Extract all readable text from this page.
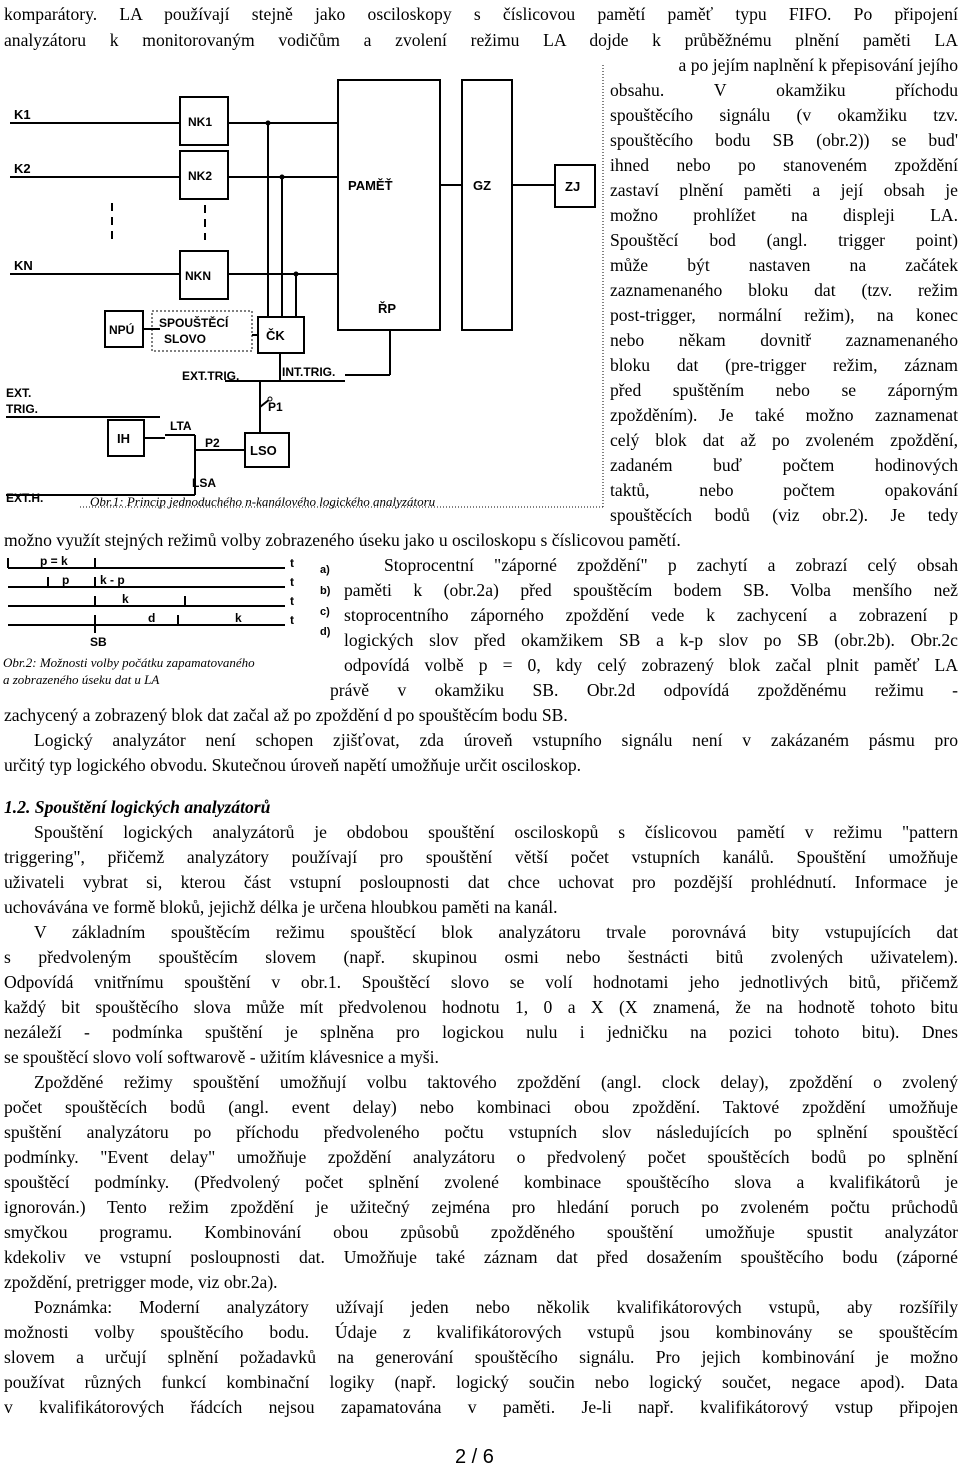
komparátory. LA používají stejně jako osciloskopy s číslicovou pamětí paměť typu FIFO. Po připojení
analyzátoru k monitorovaným vodičům a zvolení režimu LA dojde k průběžnému plnění paměti LA
a po jejím naplnění k přepisování jejího
obsahu. V okamžiku příchodu
spouštěcího signálu (v okamžiku tzv.
spouštěcího bodu SB (obr.2)) se bud'
ihned nebo po stanoveném zpoždění
zastaví plnění paměti a její obsah je
možno prohlížet na displeji LA.
Spouštěcí bod (angl. trigger point)
může být nastaven na začátek
zaznamenaného bloku dat (tzv. režim
post-trigger, normální režim), na konec
nebo někam dovnitř zaznamenaného
bloku dat (pre-trigger režim, záznam
před spuštěním nebo se záporným
zpožděním). Je také možno zaznamenat
celý blok dat až po zvoleném zpoždění,
zadaném buď počtem hodinových
taktů, nebo počtem opakování
spouštěcích bodů (viz obr.2). Je tedy
K1
K2
KN
NK1
NK2
NKN
PAMĚŤ	GZ	ZJ
ŘP
NPÚ SPOUŠTĚCÍ
SLOVO	ČK
EXT.TRIG.	INT.TRIG.
P1
EXT.
TRIG.
LSO
IH
LTA
P2
LSA
EXT.H.	Obr.1: Princip jednoduchého n-kanálového logického analyzátoru
možno využít stejných režimů volby zobrazeného úseku jako u osciloskopu s číslicovou pamětí.
p = k
p	k - p
k
d	k
t
t
t
t
SB
a)
b)
c)
d)
Obr.2: Možnosti volby počátku zapamatovaného
a zobrazeného úseku dat u LA
Stoprocentní "záporné zpoždění" p zachytí a zobrazí celý obsah
paměti k (obr.2a) před spouštěcím bodem SB. Volba menšího než
stoprocentního záporného zpoždění vede k zachycení a zobrazení p
logických slov před okamžikem SB a k-p slov po SB (obr.2b). Obr.2c
odpovídá volbě p = 0, kdy celý zobrazený blok začal plnit paměť LA
právě v okamžiku SB. Obr.2d odpovídá zpožděnému režimu -
zachycený a zobrazený blok dat začal až po zpoždění d po spouštěcím bodu SB.
Logický analyzátor není schopen zjišťovat, zda úroveň vstupního signálu není v zakázaném pásmu pro
určitý typ logického obvodu. Skutečnou úroveň napětí umožňuje určit osciloskop.
1.2. Spouštění logických analyzátorů
Spouštění logických analyzátorů je obdobou spouštění osciloskopů s číslicovou pamětí v režimu "pattern
triggering", přičemž analyzátory používají pro spouštění větší počet vstupních kanálů. Spouštění umožňuje
uživateli vybrat si, kterou část vstupní posloupnosti dat chce uchovat pro pozdější prohlédnutí. Informace je
uchovávána ve formě bloků, jejichž délka je určena hloubkou paměti na kanál.
V základním spouštěcím režimu spouštěcí blok analyzátoru trvale porovnává bity vstupujících dat
s předvoleným spouštěcím slovem (např. skupinou osmi nebo šestnácti bitů zvolených uživatelem).
Odpovídá vnitřnímu spouštění v obr.1. Spouštěcí slovo se volí hodnotami jeho jednotlivých bitů, přičemž
každý bit spouštěcího slova může mít předvolenou hodnotu 1, 0 a X (X znamená, že na hodnotě tohoto bitu
nezáleží - podmínka spuštění je splněna pro logickou nulu i jedničku na pozici tohoto bitu). Dnes
se spouštěcí slovo volí softwarově - užitím klávesnice a myši.
Zpožděné režimy spouštění umožňují volbu taktového zpoždění (angl. clock delay), zpoždění o zvolený
počet spouštěcích bodů (angl. event delay) nebo kombinaci obou zpoždění. Taktové zpoždění umožňuje
spuštění analyzátoru po příchodu předvoleného počtu vstupních slov následujících po splnění spouštěcí
podmínky. "Event delay" umožňuje zpoždění analyzátoru o předvolený počet spouštěcích bodů po splnění
spouštěcí podmínky. (Předvolený počet splnění zvolené kombinace spouštěcího slova a kvalifikátorů je
ignorován.) Tento režim zpoždění je užitečný zejména pro hledání poruch po zvoleném počtu průchodů
smyčkou programu. Kombinování obou způsobů zpožděného spouštění umožňuje spustit analyzátor
kdekoliv ve vstupní posloupnosti dat. Umožňuje také záznam dat před dosažením spouštěcího bodu (záporné
zpoždění, pretrigger mode, viz obr.2a).
Poznámka: Moderní analyzátory užívají jeden nebo několik kvalifikátorových vstupů, aby rozšířily
možnosti volby spouštěcího bodu. Údaje z kvalifikátorových vstupů jsou kombinovány se spouštěcím
slovem a určují splnění požadavků na generování spouštěcího signálu. Pro jejich kombinování je možno
používat různých funkcí kombinační logiky (např. logický součin nebo logický součet, negace apod). Data
v kvalifikátorových řádcích nejsou zapamatována v paměti. Je-li např. kvalifikátorový vstup připojen
2 / 6
